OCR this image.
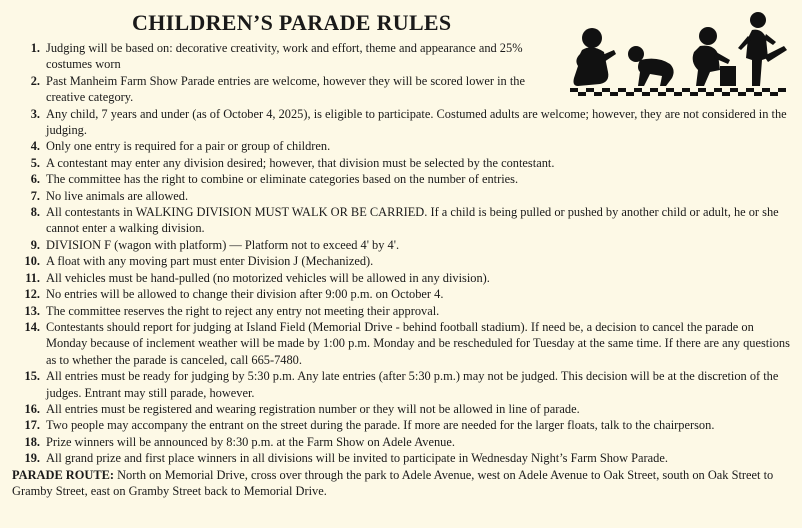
CHILDREN’S PARADE RULES
1. Judging will be based on: decorative creativity, work and effort, theme and appearance and 25% costumes worn
2. Past Manheim Farm Show Parade entries are welcome, however they will be scored lower in the creative category.
3. Any child, 7 years and under (as of October 4, 2025), is eligible to participate. Costumed adults are welcome; however, they are not considered in the judging.
4. Only one entry is required for a pair or group of children.
5. A contestant may enter any division desired; however, that division must be selected by the contestant.
6. The committee has the right to combine or eliminate categories based on the number of entries.
7. No live animals are allowed.
8. All contestants in WALKING DIVISION MUST WALK OR BE CARRIED. If a child is being pulled or pushed by another child or adult, he or she cannot enter a walking division.
9. DIVISION F (wagon with platform) — Platform not to exceed 4' by 4'.
10. A float with any moving part must enter Division J (Mechanized).
11. All vehicles must be hand-pulled (no motorized vehicles will be allowed in any division).
12. No entries will be allowed to change their division after 9:00 p.m. on October 4.
13. The committee reserves the right to reject any entry not meeting their approval.
14. Contestants should report for judging at Island Field (Memorial Drive - behind football stadium). If need be, a decision to cancel the parade on Monday because of inclement weather will be made by 1:00 p.m. Monday and be rescheduled for Tuesday at the same time. If there are any questions as to whether the parade is canceled, call 665-7480.
15. All entries must be ready for judging by 5:30 p.m. Any late entries (after 5:30 p.m.) may not be judged. This decision will be at the discretion of the judges. Entrant may still parade, however.
16. All entries must be registered and wearing registration number or they will not be allowed in line of parade.
17. Two people may accompany the entrant on the street during the parade. If more are needed for the larger floats, talk to the chairperson.
18. Prize winners will be announced by 8:30 p.m. at the Farm Show on Adele Avenue.
19. All grand prize and first place winners in all divisions will be invited to participate in Wednesday Night’s Farm Show Parade.

PARADE ROUTE: North on Memorial Drive, cross over through the park to Adele Avenue, west on Adele Avenue to Oak Street, south on Oak Street to Gramby Street, east on Gramby Street back to Memorial Drive.
